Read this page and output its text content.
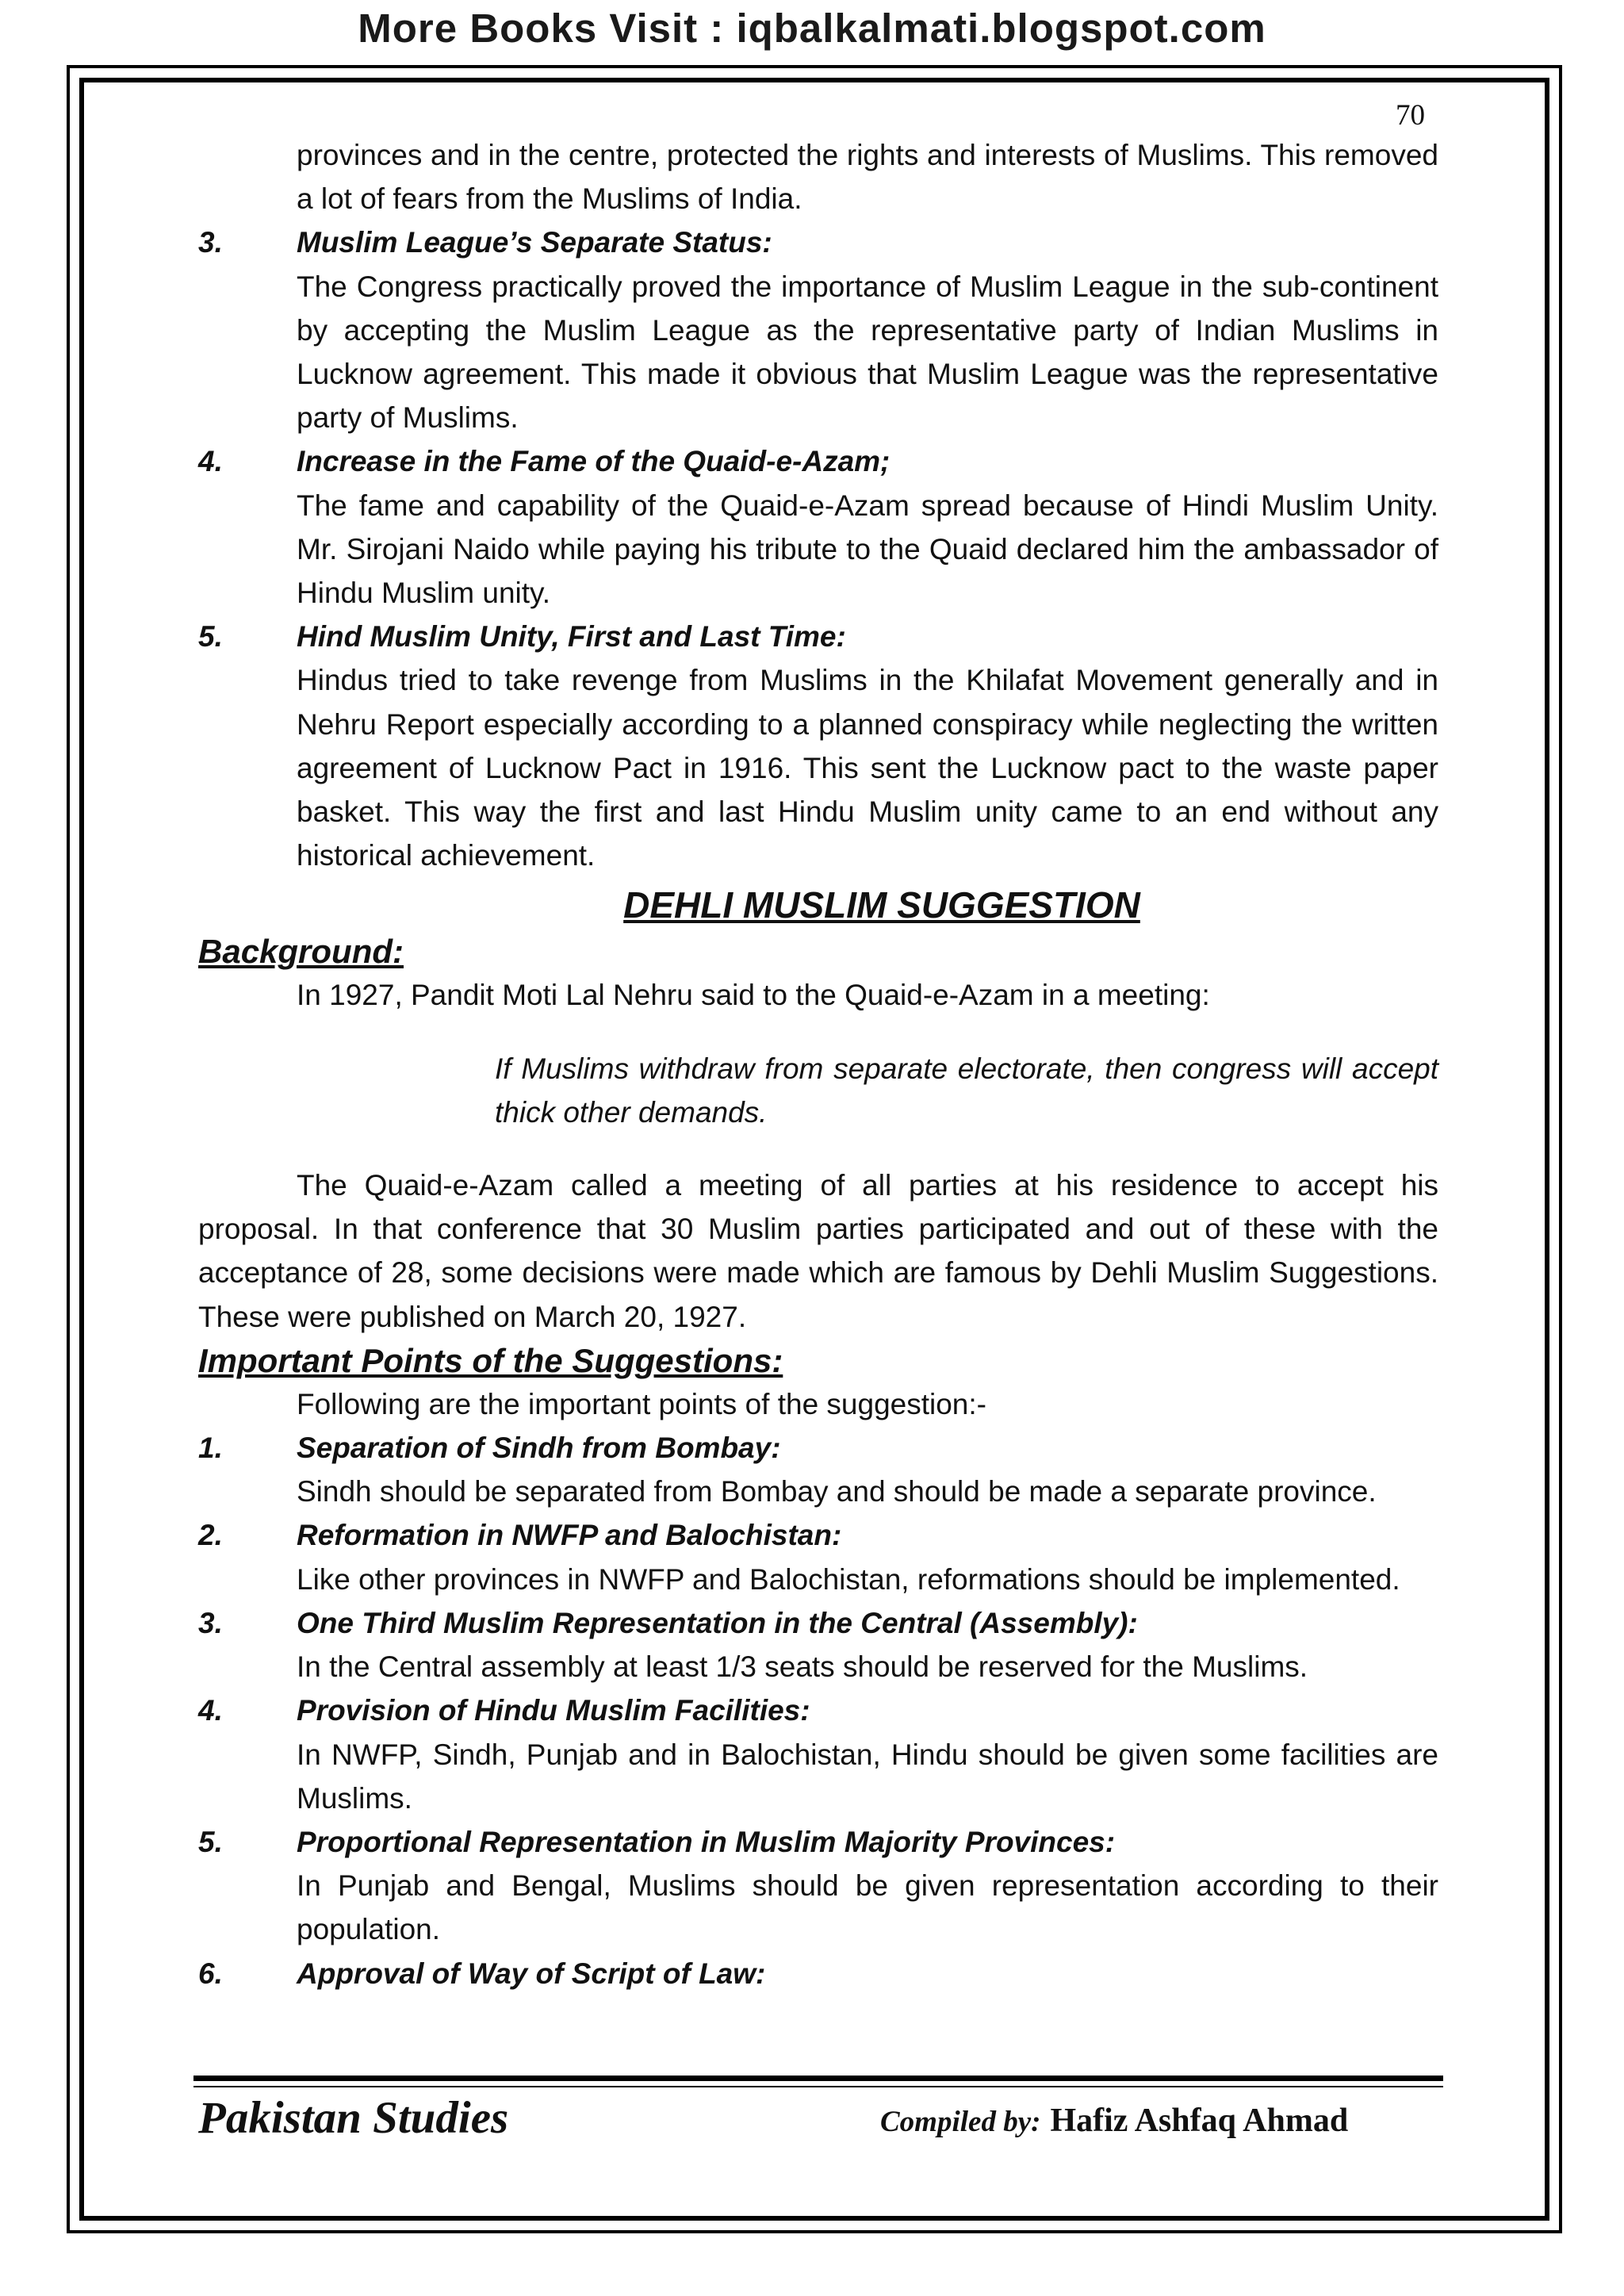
More Books Visit : iqbalkalmati.blogspot.com
70

provinces and in the centre, protected the rights and interests of Muslims. This removed a lot of fears from the Muslims of India.

3.	Muslim League’s Separate Status:

The Congress practically proved the importance of Muslim League in the sub-continent by accepting the Muslim League as the representative party of Indian Muslims in Lucknow agreement. This made it obvious that Muslim League was the representative party of Muslims.

4.	Increase in the Fame of the Quaid-e-Azam;

The fame and capability of the Quaid-e-Azam spread because of Hindi Muslim Unity. Mr. Sirojani Naido while paying his tribute to the Quaid declared him the ambassador of Hindu Muslim unity.

5.	Hind Muslim Unity, First and Last Time:

Hindus tried to take revenge from Muslims in the Khilafat Movement generally and in Nehru Report especially according to a planned conspiracy while neglecting the written agreement of Lucknow Pact in 1916. This sent the Lucknow pact to the waste paper basket. This way the first and last Hindu Muslim unity came to an end without any historical achievement.

DEHLI MUSLIM SUGGESTION
Background:

In 1927, Pandit Moti Lal Nehru said to the Quaid-e-Azam in a meeting:

If Muslims withdraw from separate electorate, then congress will accept thick other demands.

The Quaid-e-Azam called a meeting of all parties at his residence to accept his proposal. In that conference that 30 Muslim parties participated and out of these with the acceptance of 28, some decisions were made which are famous by Dehli Muslim Suggestions. These were published on March 20, 1927.

Important Points of the Suggestions:

Following are the important points of the suggestion:-

1.	Separation of Sindh from Bombay:

Sindh should be separated from Bombay and should be made a separate province.

2.	Reformation in NWFP and Balochistan:

Like other provinces in NWFP and Balochistan, reformations should be implemented.

3.	One Third Muslim Representation in the Central (Assembly):

In the Central assembly at least 1/3 seats should be reserved for the Muslims.

4.	Provision of Hindu Muslim Facilities:

In NWFP, Sindh, Punjab and in Balochistan, Hindu should be given some facilities are Muslims.

5.	Proportional Representation in Muslim Majority Provinces:

In Punjab and Bengal, Muslims should be given representation according to their population.

6.	Approval of Way of Script of Law:
Pakistan Studies	Compiled by: Hafiz Ashfaq Ahmad
